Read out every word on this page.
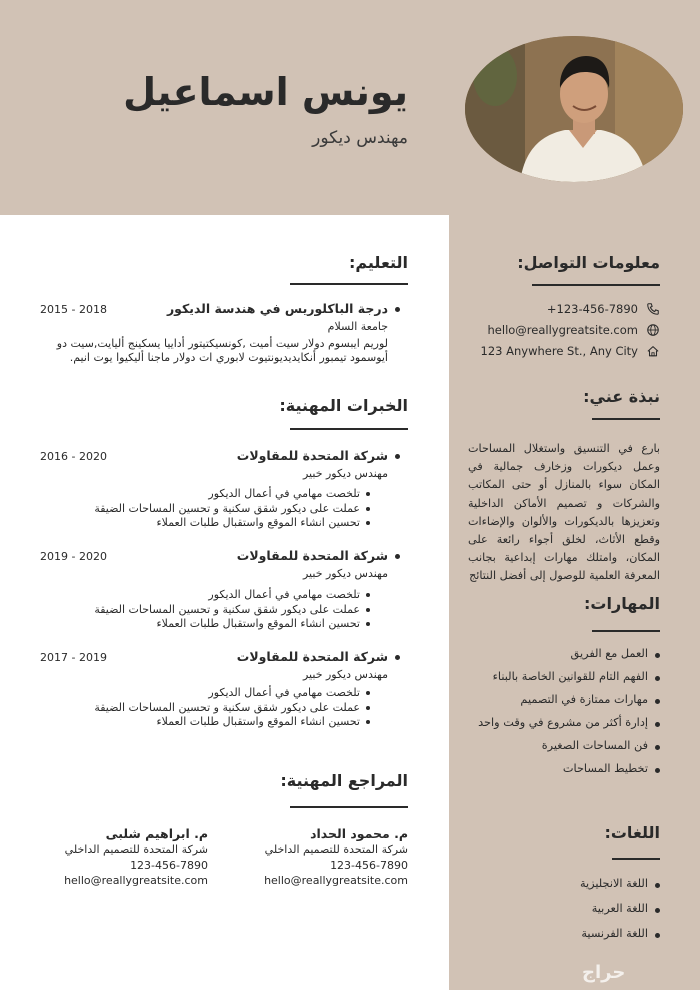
يونس اسماعيل
مهندس ديكور
معلومات التواصل:
+123-456-7890
hello@reallygreatsite.com
123 Anywhere St., Any City
نبذة عني:
بارع في التنسيق واستغلال المساحات وعمل ديكورات وزخارف جمالية في المكان سواء بالمنازل أو حتى المكاتب والشركات و تصميم الأماكن الداخلية وتعزيزها بالديكورات والألوان والإضاءات وقطع الأثاث، لخلق أجواء رائعة على المكان، وامتلك مهارات إبداعية بجانب المعرفة العلمية للوصول إلى أفضل النتائج
المهارات:
العمل مع الفريق
الفهم التام للقوانين الخاصة بالبناء
مهارات ممتازة في التصميم
إدارة أكثر من مشروع في وقت واحد
فن المساحات الصغيرة
تخطيط المساحات
اللغات:
اللغة الانجليزية
اللغة العربية
اللغة الفرنسية
حراج
التعليم:
درجة الباكلوريس في هندسة الديكور
2015 - 2018
جامعة السلام
لوريم ايبسوم دولار سيت أميت ,كونسيكتيتور أداييا يسكينج أليايت,سيت دو أيوسمود تيمبور أنكايديديونتيوت لابوري ات دولار ماجنا أليكيوا يوت انيم.
الخبرات المهنية:
شركة المتحدة للمقاولات
2016 - 2020
مهندس ديكور خبير
تلخصت مهامي في أعمال الديكور
عملت على ديكور شقق سكنية و تحسين المساحات الضيقة
تحسين انشاء الموقع واستقبال طلبات العملاء
شركة المتحدة للمقاولات
2019 - 2020
مهندس ديكور خبير
تلخصت مهامي في أعمال الديكور
عملت على ديكور شقق سكنية و تحسين المساحات الضيقة
تحسين انشاء الموقع واستقبال طلبات العملاء
شركة المتحدة للمقاولات
2017 - 2019
مهندس ديكور خبير
تلخصت مهامي في أعمال الديكور
عملت على ديكور شقق سكنية و تحسين المساحات الضيقة
تحسين انشاء الموقع واستقبال طلبات العملاء
المراجع المهنية:
م. محمود الحداد
شركة المتحدة للتصميم الداخلي
123-456-7890
hello@reallygreatsite.com
م. ابراهيم شلبى
شركة المتحدة للتصميم الداخلي
123-456-7890
hello@reallygreatsite.com
